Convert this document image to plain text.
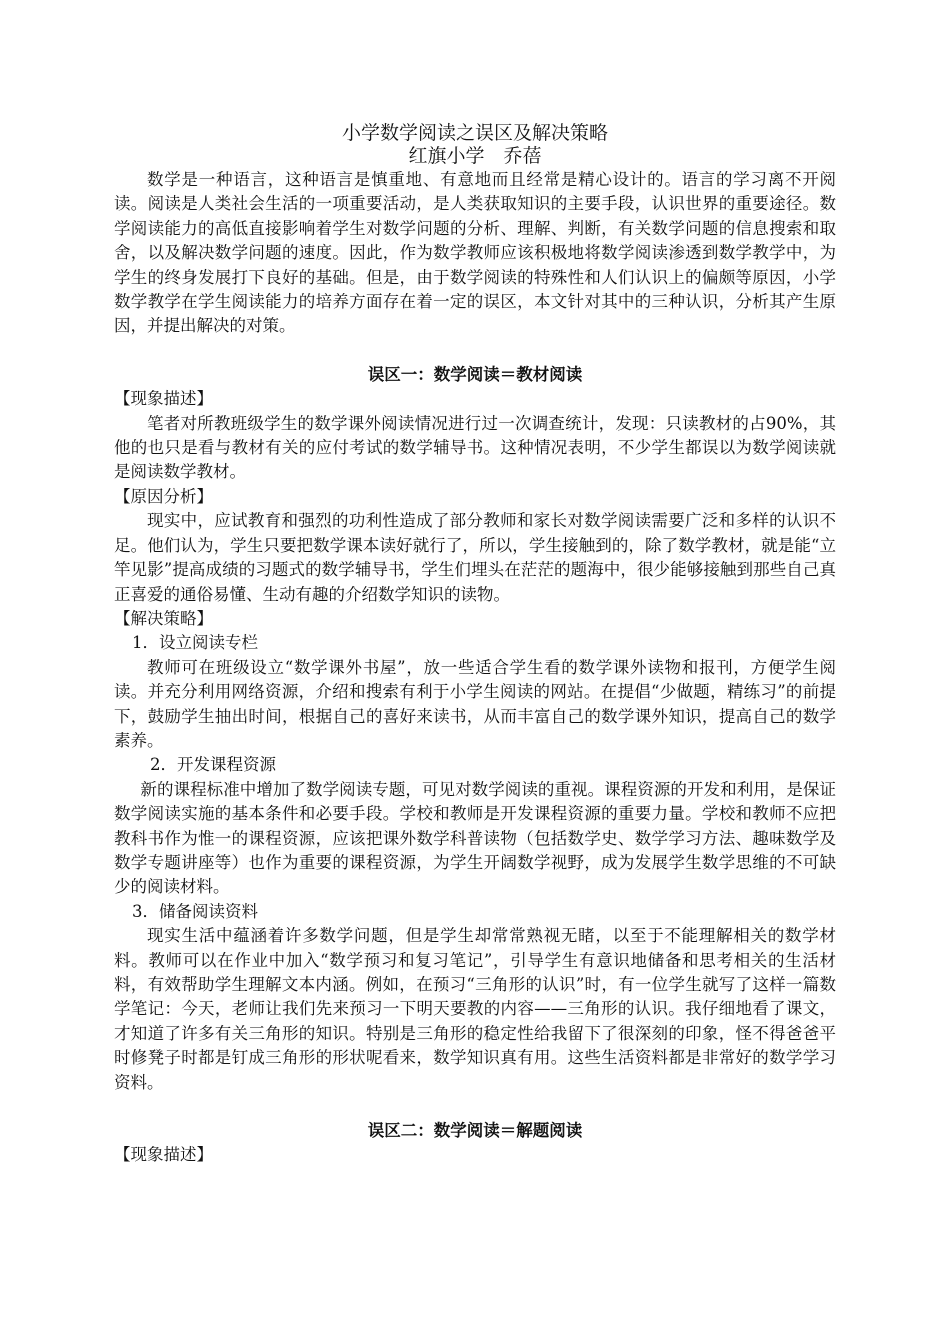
小学数学阅读之误区及解决策略
红旗小学　乔蓓

数学是一种语言，这种语言是慎重地、有意地而且经常是精心设计的。语言的学习离不开阅读。阅读是人类社会生活的一项重要活动，是人类获取知识的主要手段，认识世界的重要途径。数学阅读能力的高低直接影响着学生对数学问题的分析、理解、判断，有关数学问题的信息搜索和取舍，以及解决数学问题的速度。因此，作为数学教师应该积极地将数学阅读渗透到数学教学中，为学生的终身发展打下良好的基础。但是，由于数学阅读的特殊性和人们认识上的偏颇等原因，小学数学教学在学生阅读能力的培养方面存在着一定的误区，本文针对其中的三种认识，分析其产生原因，并提出解决的对策。

误区一：数学阅读＝教材阅读
【现象描述】

笔者对所教班级学生的数学课外阅读情况进行过一次调查统计，发现：只读教材的占90%，其他的也只是看与教材有关的应付考试的数学辅导书。这种情况表明，不少学生都误以为数学阅读就是阅读数学教材。

【原因分析】

现实中，应试教育和强烈的功利性造成了部分教师和家长对数学阅读需要广泛和多样的认识不足。他们认为，学生只要把数学课本读好就行了，所以，学生接触到的，除了数学教材，就是能“立竿见影”提高成绩的习题式的数学辅导书，学生们埋头在茫茫的题海中，很少能够接触到那些自己真正喜爱的通俗易懂、生动有趣的介绍数学知识的读物。

【解决策略】
1．设立阅读专栏

教师可在班级设立“数学课外书屋”，放一些适合学生看的数学课外读物和报刊，方便学生阅读。并充分利用网络资源，介绍和搜索有利于小学生阅读的网站。在提倡“少做题，精练习”的前提下，鼓励学生抽出时间，根据自己的喜好来读书，从而丰富自己的数学课外知识，提高自己的数学素养。

2．开发课程资源

新的课程标准中增加了数学阅读专题，可见对数学阅读的重视。课程资源的开发和利用，是保证数学阅读实施的基本条件和必要手段。学校和教师是开发课程资源的重要力量。学校和教师不应把教科书作为惟一的课程资源，应该把课外数学科普读物（包括数学史、数学学习方法、趣味数学及数学专题讲座等）也作为重要的课程资源，为学生开阔数学视野，成为发展学生数学思维的不可缺少的阅读材料。

3．储备阅读资料

现实生活中蕴涵着许多数学问题，但是学生却常常熟视无睹，以至于不能理解相关的数学材料。教师可以在作业中加入“数学预习和复习笔记”，引导学生有意识地储备和思考相关的生活材料，有效帮助学生理解文本内涵。例如，在预习“三角形的认识”时，有一位学生就写了这样一篇数学笔记：今天，老师让我们先来预习一下明天要教的内容——三角形的认识。我仔细地看了课文，才知道了许多有关三角形的知识。特别是三角形的稳定性给我留下了很深刻的印象，怪不得爸爸平时修凳子时都是钉成三角形的形状呢看来，数学知识真有用。这些生活资料都是非常好的数学学习资料。

误区二：数学阅读＝解题阅读
【现象描述】
